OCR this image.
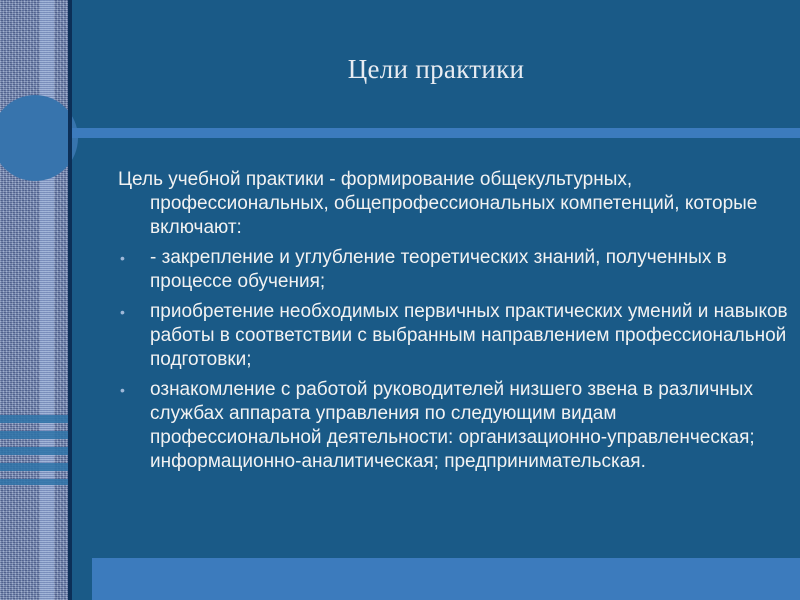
Цели практики

Цель учебной практики - формирование общекультурных, профессиональных, общепрофессиональных компетенций, которые включают:

• - закрепление и углубление теоретических знаний, полученных в процессе обучения;
• приобретение необходимых первичных практических умений и навыков работы в соответствии с выбранным направлением профессиональной подготовки;
• ознакомление с работой руководителей низшего звена в различных службах аппарата управления по следующим видам профессиональной деятельности: организационно-управленческая; информационно-аналитическая; предпринимательская.
